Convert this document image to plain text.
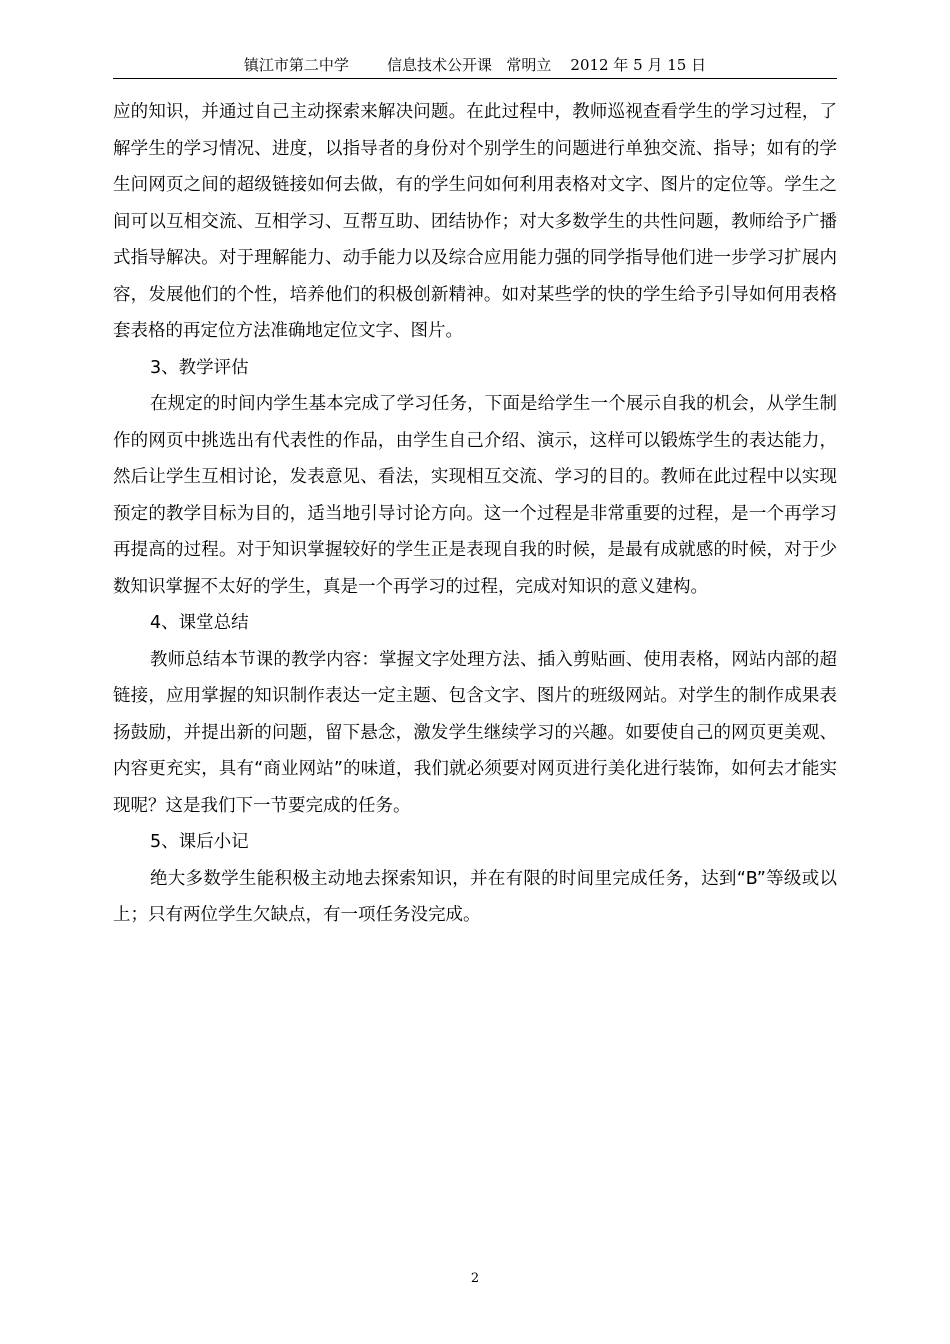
镇江市第二中学        信息技术公开课   常明立    2012 年 5 月 15 日

应的知识，并通过自己主动探索来解决问题。在此过程中，教师巡视查看学生的学习过程，了解学生的学习情况、进度，以指导者的身份对个别学生的问题进行单独交流、指导；如有的学生问网页之间的超级链接如何去做，有的学生问如何利用表格对文字、图片的定位等。学生之间可以互相交流、互相学习、互帮互助、团结协作；对大多数学生的共性问题，教师给予广播式指导解决。对于理解能力、动手能力以及综合应用能力强的同学指导他们进一步学习扩展内容，发展他们的个性，培养他们的积极创新精神。如对某些学的快的学生给予引导如何用表格套表格的再定位方法准确地定位文字、图片。

3、教学评估

在规定的时间内学生基本完成了学习任务，下面是给学生一个展示自我的机会，从学生制作的网页中挑选出有代表性的作品，由学生自己介绍、演示，这样可以锻炼学生的表达能力，然后让学生互相讨论，发表意见、看法，实现相互交流、学习的目的。教师在此过程中以实现预定的教学目标为目的，适当地引导讨论方向。这一个过程是非常重要的过程，是一个再学习再提高的过程。对于知识掌握较好的学生正是表现自我的时候，是最有成就感的时候，对于少数知识掌握不太好的学生，真是一个再学习的过程，完成对知识的意义建构。

4、课堂总结

教师总结本节课的教学内容：掌握文字处理方法、插入剪贴画、使用表格，网站内部的超链接，应用掌握的知识制作表达一定主题、包含文字、图片的班级网站。对学生的制作成果表扬鼓励，并提出新的问题，留下悬念，激发学生继续学习的兴趣。如要使自己的网页更美观、内容更充实，具有“商业网站”的味道，我们就必须要对网页进行美化进行装饰，如何去才能实现呢？这是我们下一节要完成的任务。

5、课后小记

绝大多数学生能积极主动地去探索知识，并在有限的时间里完成任务，达到“B”等级或以上；只有两位学生欠缺点，有一项任务没完成。

2
